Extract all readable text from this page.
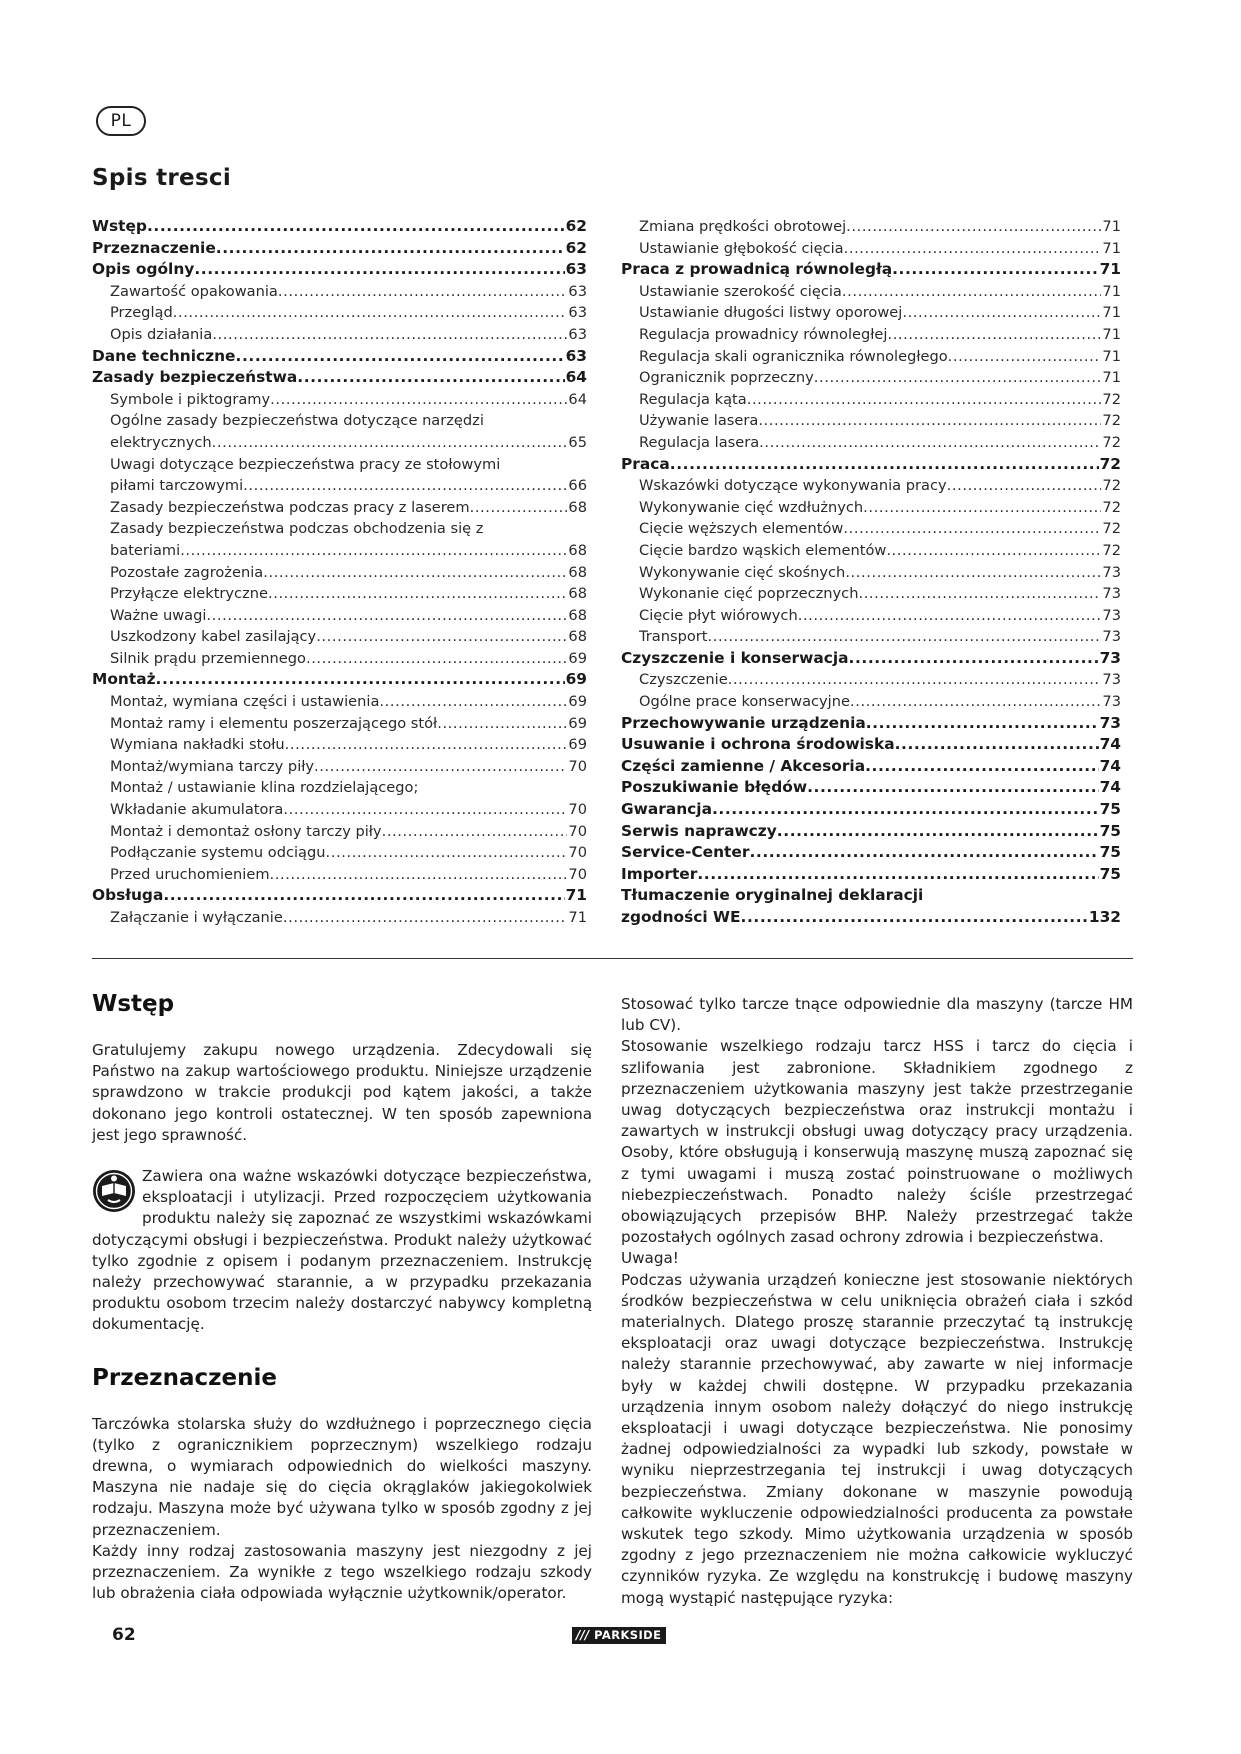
PL
Spis tresci
Wstęp .....	62
Przeznaczenie .....	62
Opis ogólny .....	63
Zawartość opakowania .....	63
Przegląd .....	63
Opis działania .....	63
Dane techniczne .....	63
Zasady bezpieczeństwa .....	64
Symbole i piktogramy .....	64
Ogólne zasady bezpieczeństwa dotyczące narzędzi
elektrycznych .....	65
Uwagi dotyczące bezpieczeństwa pracy ze stołowymi
piłami tarczowymi .....	66
Zasady bezpieczeństwa podczas pracy z laserem .....	68
Zasady bezpieczeństwa podczas obchodzenia się z
bateriami .....	68
Pozostałe zagrożenia .....	68
Przyłącze elektryczne .....	68
Ważne uwagi .....	68
Uszkodzony kabel zasilający .....	68
Silnik prądu przemiennego .....	69
Montaż .....	69
Montaż, wymiana części i ustawienia .....	69
Montaż ramy i elementu poszerzającego stół .....	69
Wymiana nakładki stołu .....	69
Montaż/wymiana tarczy piły .....	70
Montaż / ustawianie klina rozdzielającego;
Wkładanie akumulatora .....	70
Montaż i demontaż osłony tarczy piły .....	70
Podłączanie systemu odciągu .....	70
Przed uruchomieniem .....	70
Obsługa .....	71
Załączanie i wyłączanie .....	71
Zmiana prędkości obrotowej .....	71
Ustawianie głębokość cięcia .....	71
Praca z prowadnicą równoległą .....	71
Ustawianie szerokość cięcia .....	71
Ustawianie długości listwy oporowej .....	71
Regulacja prowadnicy równoległej .....	71
Regulacja skali ogranicznika równoległego .....	71
Ogranicznik poprzeczny .....	71
Regulacja kąta .....	72
Używanie lasera .....	72
Regulacja lasera .....	72
Praca .....	72
Wskazówki dotyczące wykonywania pracy .....	72
Wykonywanie cięć wzdłużnych .....	72
Cięcie węższych elementów .....	72
Cięcie bardzo wąskich elementów .....	72
Wykonywanie cięć skośnych .....	73
Wykonanie cięć poprzecznych .....	73
Cięcie płyt wiórowych .....	73
Transport .....	73
Czyszczenie i konserwacja .....	73
Czyszczenie .....	73
Ogólne prace konserwacyjne .....	73
Przechowywanie urządzenia .....	73
Usuwanie i ochrona środowiska .....	74
Części zamienne / Akcesoria .....	74
Poszukiwanie błędów .....	74
Gwarancja .....	75
Serwis naprawczy .....	75
Service-Center .....	75
Importer .....	75
Tłumaczenie oryginalnej deklaracji
zgodności WE .....	132
Wstęp

Gratulujemy zakupu nowego urządzenia. Zdecydowali się Państwo na zakup wartościowego produktu. Niniejsze urządzenie sprawdzono w trakcie produkcji pod kątem jakości, a także dokonano jego kontroli ostatecznej. W ten sposób zapewniona jest jego sprawność.

Zawiera ona ważne wskazówki dotyczące bezpieczeństwa, eksploatacji i utylizacji. Przed rozpoczęciem użytkowania produktu należy się zapoznać ze wszystkimi wskazówkami dotyczącymi obsługi i bezpieczeństwa. Produkt należy użytkować tylko zgodnie z opisem i podanym przeznaczeniem. Instrukcję należy przechowywać starannie, a w przypadku przekazania produktu osobom trzecim należy dostarczyć nabywcy kompletną dokumentację.

Przeznaczenie

Tarczówka stolarska służy do wzdłużnego i poprzecznego cięcia (tylko z ogranicznikiem poprzecznym) wszelkiego rodzaju drewna, o wymiarach odpowiednich do wielkości maszyny. Maszyna nie nadaje się do cięcia okrąglaków jakiegokolwiek rodzaju. Maszyna może być używana tylko w sposób zgodny z jej przeznaczeniem.

Każdy inny rodzaj zastosowania maszyny jest niezgodny z jej przeznaczeniem. Za wynikłe z tego wszelkiego rodzaju szkody lub obrażenia ciała odpowiada wyłącznie użytkownik/operator.

Stosować tylko tarcze tnące odpowiednie dla maszyny (tarcze HM lub CV).

Stosowanie wszelkiego rodzaju tarcz HSS i tarcz do cięcia i szlifowania jest zabronione. Składnikiem zgodnego z przeznaczeniem użytkowania maszyny jest także przestrzeganie uwag dotyczących bezpieczeństwa oraz instrukcji montażu i zawartych w instrukcji obsługi uwag dotyczący pracy urządzenia. Osoby, które obsługują i konserwują maszynę muszą zapoznać się z tymi uwagami i muszą zostać poinstruowane o możliwych niebezpieczeństwach. Ponadto należy ściśle przestrzegać obowiązujących przepisów BHP. Należy przestrzegać także pozostałych ogólnych zasad ochrony zdrowia i bezpieczeństwa.

Uwaga!

Podczas używania urządzeń konieczne jest stosowanie niektórych środków bezpieczeństwa w celu uniknięcia obrażeń ciała i szkód materialnych. Dlatego proszę starannie przeczytać tą instrukcję eksploatacji oraz uwagi dotyczące bezpieczeństwa. Instrukcję należy starannie przechowywać, aby zawarte w niej informacje były w każdej chwili dostępne. W przypadku przekazania urządzenia innym osobom należy dołączyć do niego instrukcję eksploatacji i uwagi dotyczące bezpieczeństwa. Nie ponosimy żadnej odpowiedzialności za wypadki lub szkody, powstałe w wyniku nieprzestrzegania tej instrukcji i uwag dotyczących bezpieczeństwa. Zmiany dokonane w maszynie powodują całkowite wykluczenie odpowiedzialności producenta za powstałe wskutek tego szkody. Mimo użytkowania urządzenia w sposób zgodny z jego przeznaczeniem nie można całkowicie wykluczyć czynników ryzyka. Ze względu na konstrukcję i budowę maszyny mogą wystąpić następujące ryzyka:

62	/// PARKSIDE
